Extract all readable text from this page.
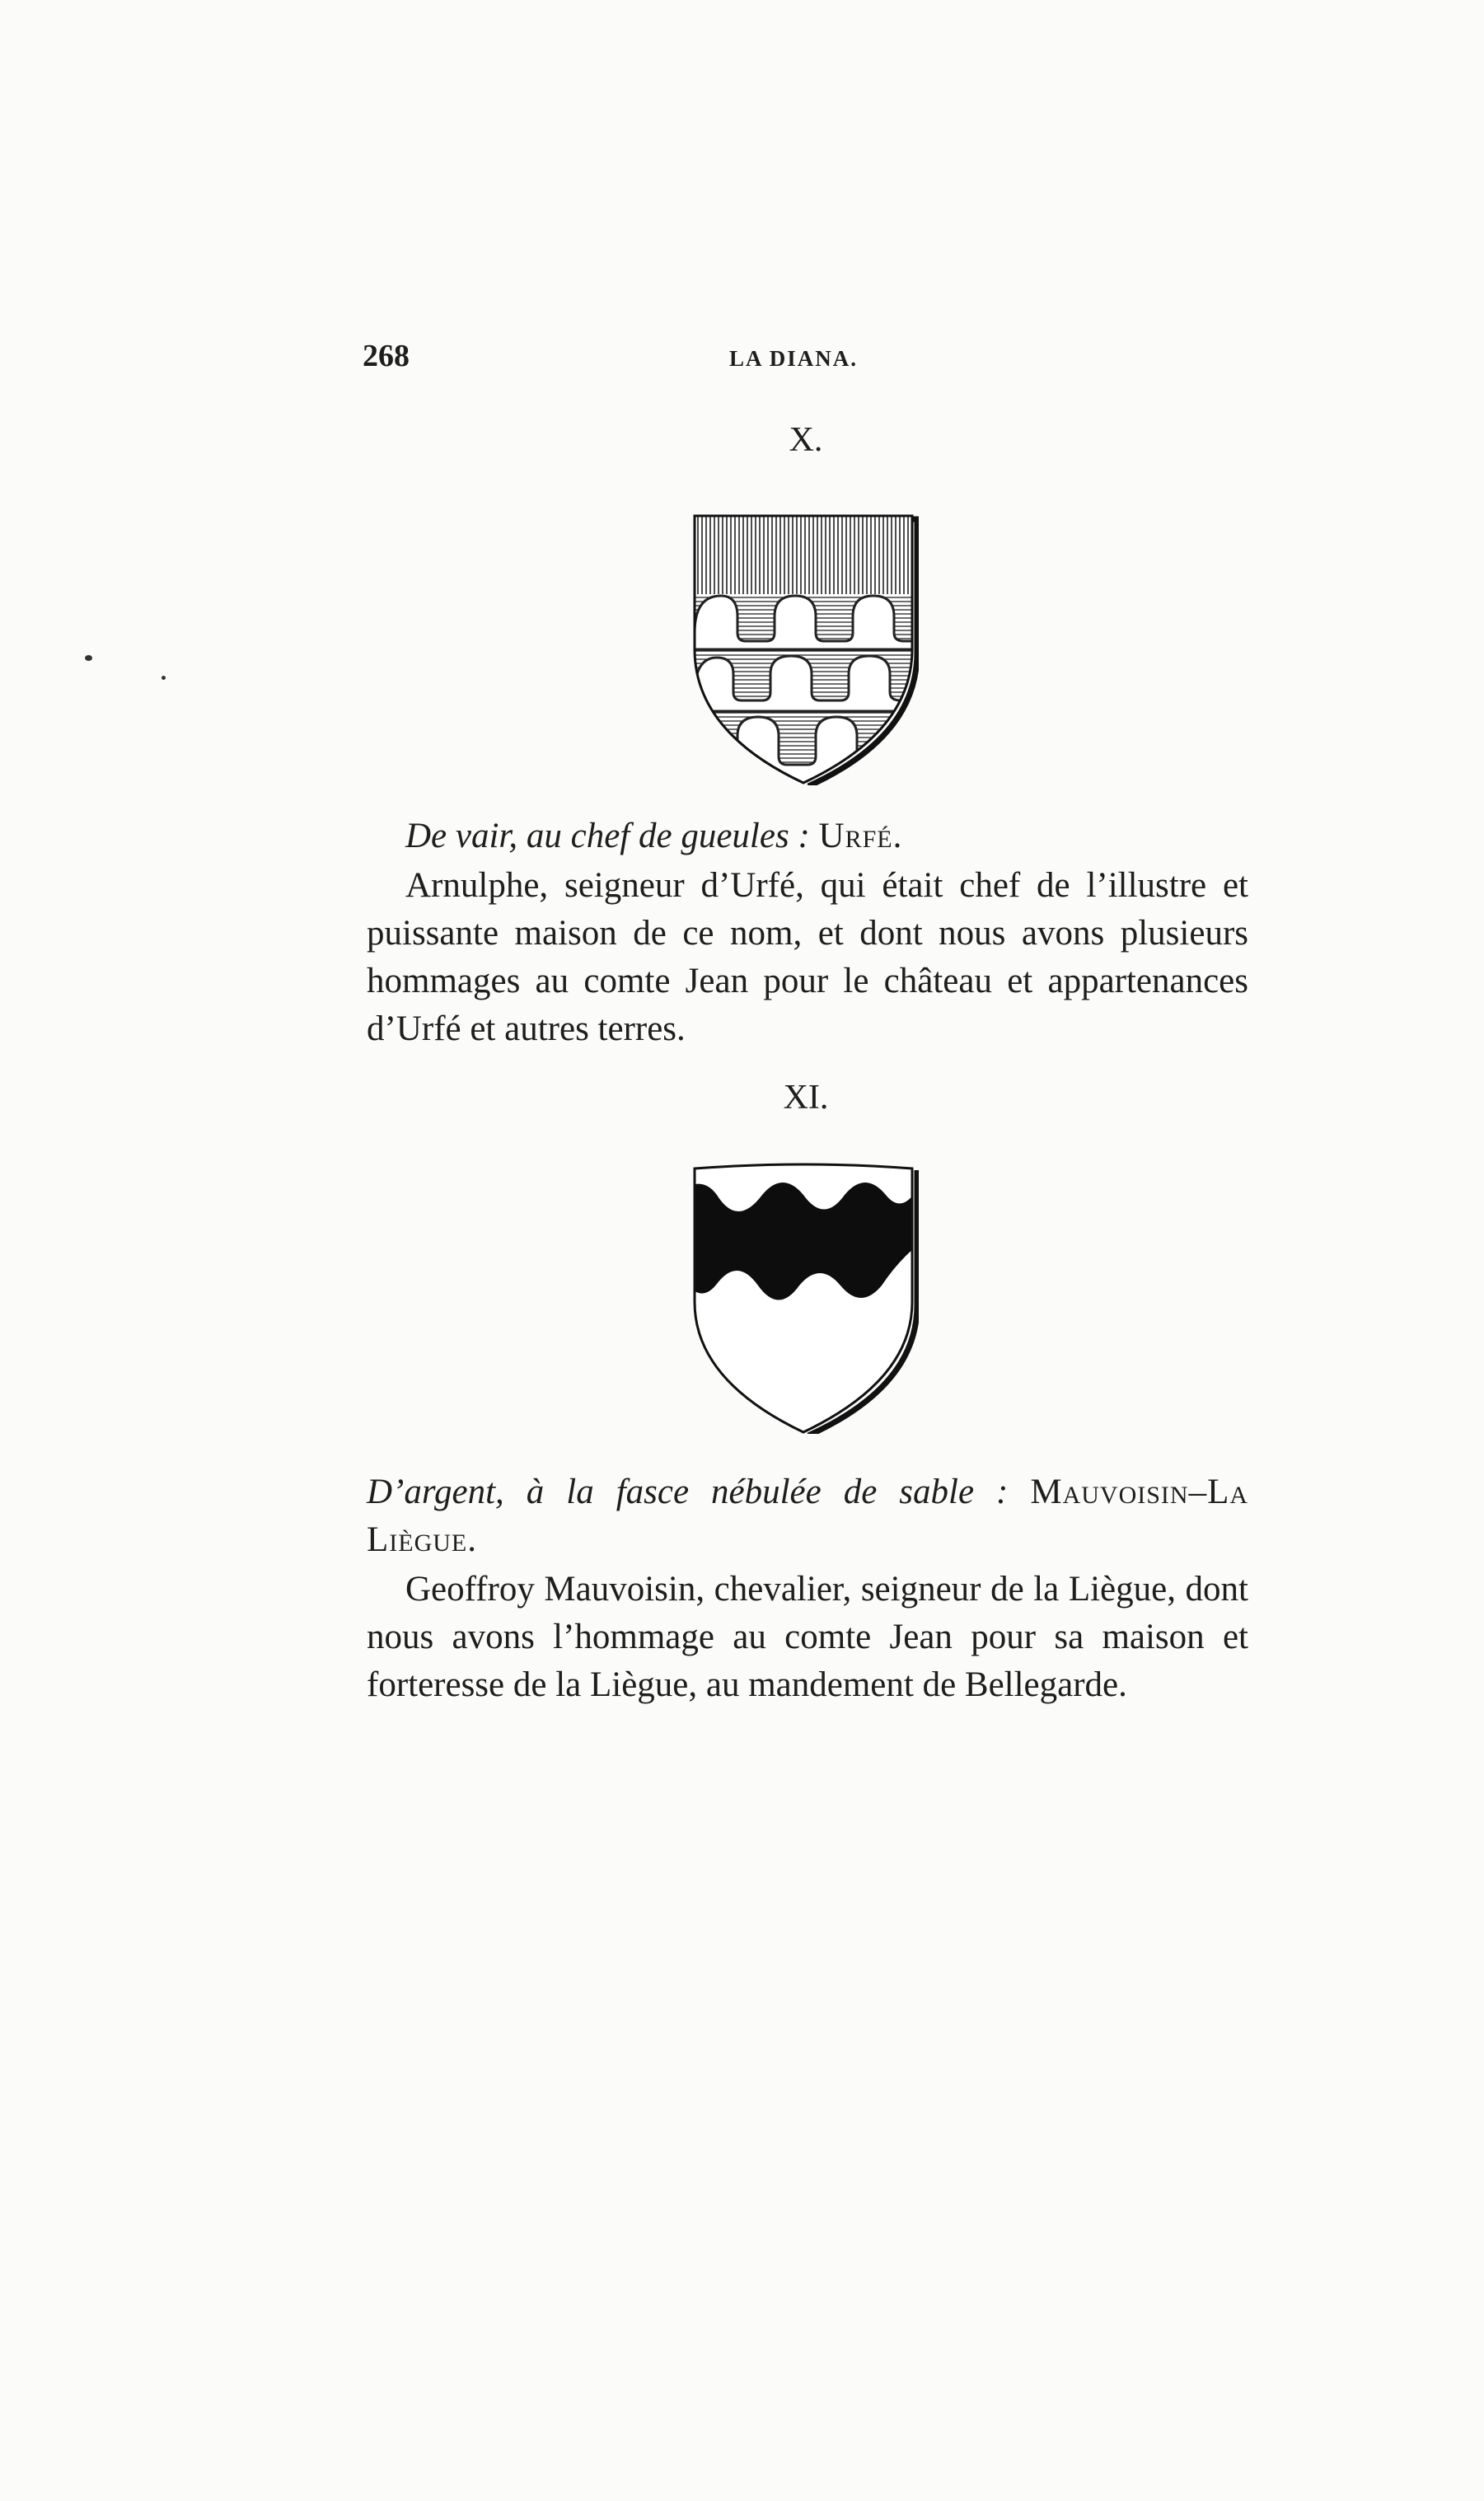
268	LA DIANA.
X.
De vair, au chef de gueules : Urfé.
Arnulphe, seigneur d’Urfé, qui était chef de l’illustre et puissante maison de ce nom, et dont nous avons plusieurs hommages au comte Jean pour le château et appartenances d’Urfé et autres terres.
XI.
D’argent, à la fasce nébulée de sable : Mauvoisin–La
Liègue.
Geoffroy Mauvoisin, chevalier, seigneur de la Liègue, dont nous avons l’hommage au comte Jean pour sa maison et forteresse de la Liègue, au mandement de Bellegarde.
